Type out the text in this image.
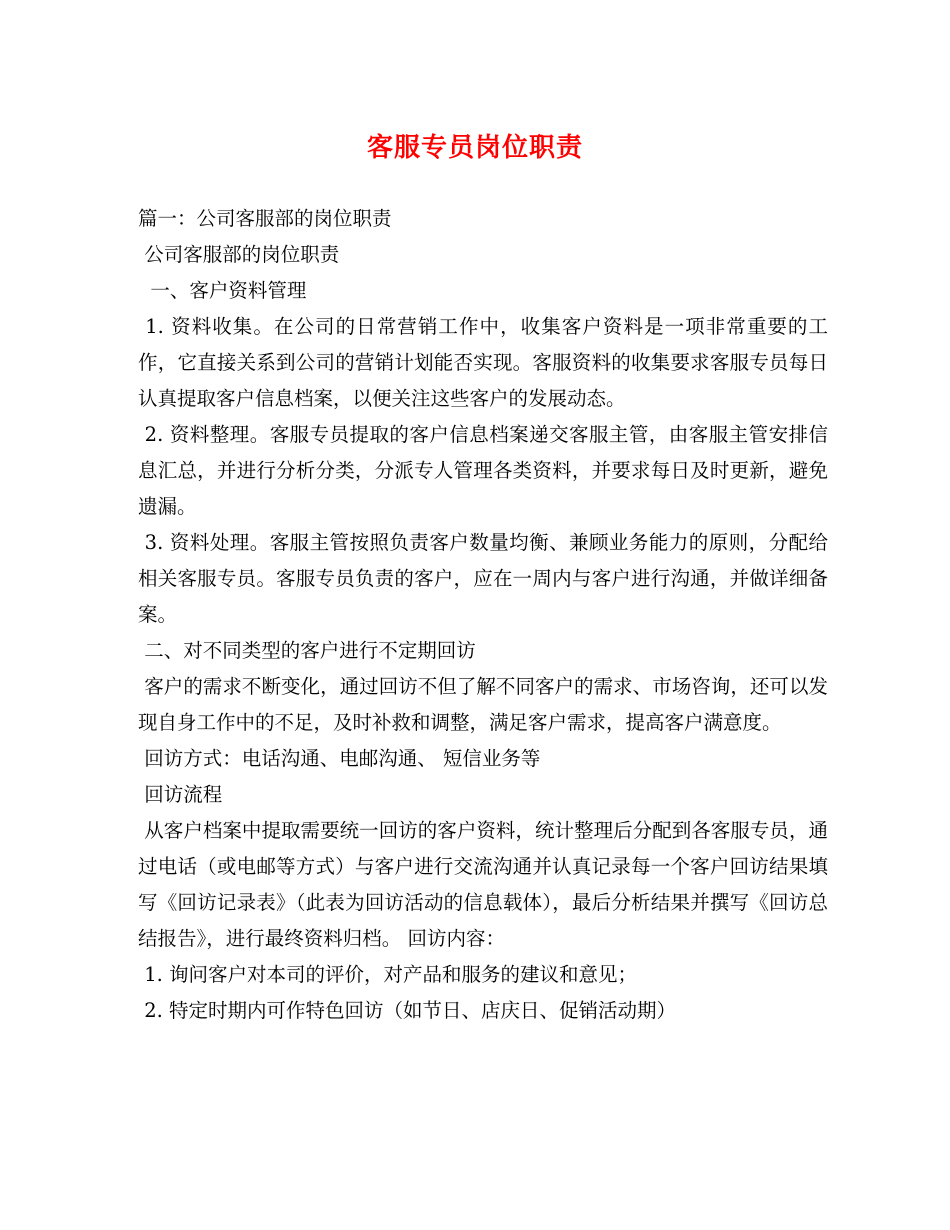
客服专员岗位职责

篇一：公司客服部的岗位职责

公司客服部的岗位职责

一、客户资料管理

1. 资料收集。在公司的日常营销工作中，收集客户资料是一项非常重要的工作，它直接关系到公司的营销计划能否实现。客服资料的收集要求客服专员每日认真提取客户信息档案，以便关注这些客户的发展动态。

2. 资料整理。客服专员提取的客户信息档案递交客服主管，由客服主管安排信息汇总，并进行分析分类，分派专人管理各类资料，并要求每日及时更新，避免遗漏。

3. 资料处理。客服主管按照负责客户数量均衡、兼顾业务能力的原则，分配给相关客服专员。客服专员负责的客户，应在一周内与客户进行沟通，并做详细备案。

二、对不同类型的客户进行不定期回访

客户的需求不断变化，通过回访不但了解不同客户的需求、市场咨询，还可以发现自身工作中的不足，及时补救和调整，满足客户需求，提高客户满意度。

回访方式：电话沟通、电邮沟通、 短信业务等

回访流程

从客户档案中提取需要统一回访的客户资料，统计整理后分配到各客服专员，通过电话（或电邮等方式）与客户进行交流沟通并认真记录每一个客户回访结果填写《回访记录表》（此表为回访活动的信息载体），最后分析结果并撰写《回访总结报告》，进行最终资料归档。 回访内容：

1. 询问客户对本司的评价，对产品和服务的建议和意见；

2. 特定时期内可作特色回访（如节日、店庆日、促销活动期）
